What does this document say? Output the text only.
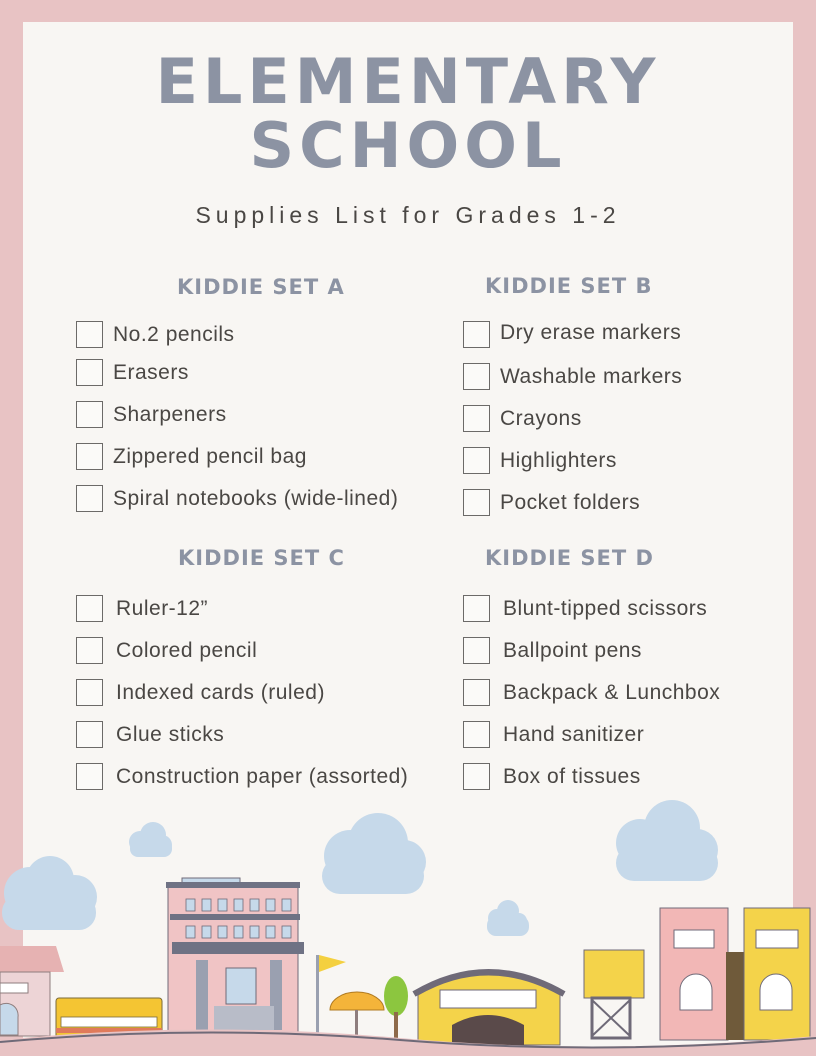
ELEMENTARY
SCHOOL
Supplies List for Grades 1-2
KIDDIE SET A
No.2 pencils
Erasers
Sharpeners
Zippered pencil bag
Spiral notebooks (wide-lined)
KIDDIE SET B
Dry erase markers
Washable markers
Crayons
Highlighters
Pocket folders
KIDDIE SET C
Ruler-12”
Colored pencil
Indexed cards (ruled)
Glue sticks
Construction paper (assorted)
KIDDIE SET D
Blunt-tipped scissors
Ballpoint pens
Backpack & Lunchbox
Hand sanitizer
Box of tissues
